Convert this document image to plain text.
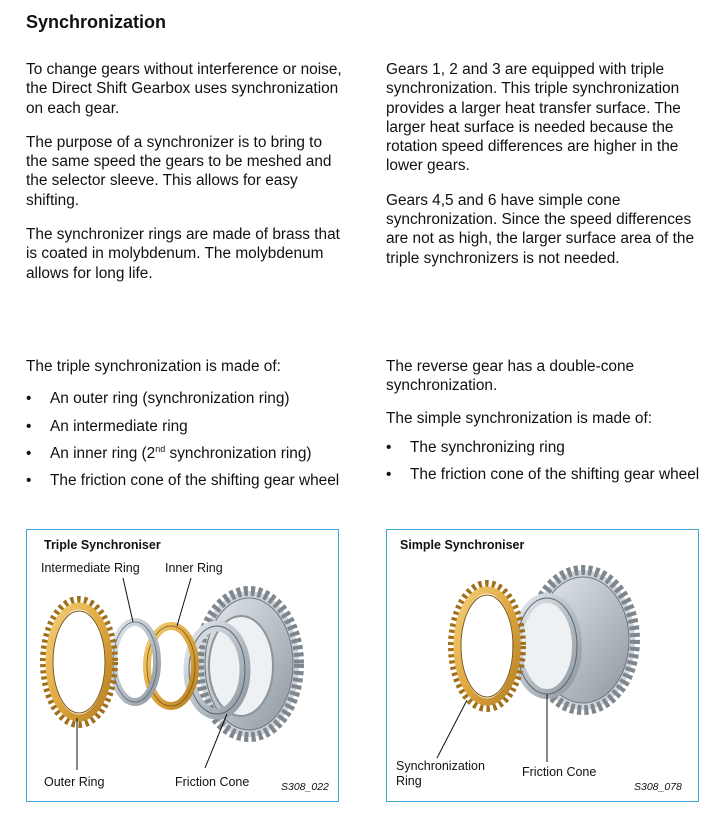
Synchronization

To change gears without interference or noise, the Direct Shift Gearbox uses synchronization on each gear.

The purpose of a synchronizer is to bring to the same speed the gears to be meshed and the selector sleeve. This allows for easy shifting.

The synchronizer rings are made of brass that is coated in molybdenum. The molybdenum allows for long life.

Gears 1, 2 and 3 are equipped with triple synchronization. This triple synchronization provides a larger heat transfer surface. The larger heat surface is needed because the rotation speed differences are higher in the lower gears.

Gears 4,5 and 6 have simple cone synchronization. Since the speed differences are not as high, the larger surface area of the triple synchronizers is not needed.

The triple synchronization is made of:

• An outer ring (synchronization ring)
• An intermediate ring
• An inner ring (2nd synchronization ring)
• The friction cone of the shifting gear wheel

The reverse gear has a double-cone synchronization.

The simple synchronization is made of:

• The synchronizing ring
• The friction cone of the shifting gear wheel
Triple Synchroniser
Intermediate Ring Inner Ring
Outer Ring	Friction Cone	S308_022
Simple Synchroniser
Synchronization Ring
Friction Cone
S308_078
